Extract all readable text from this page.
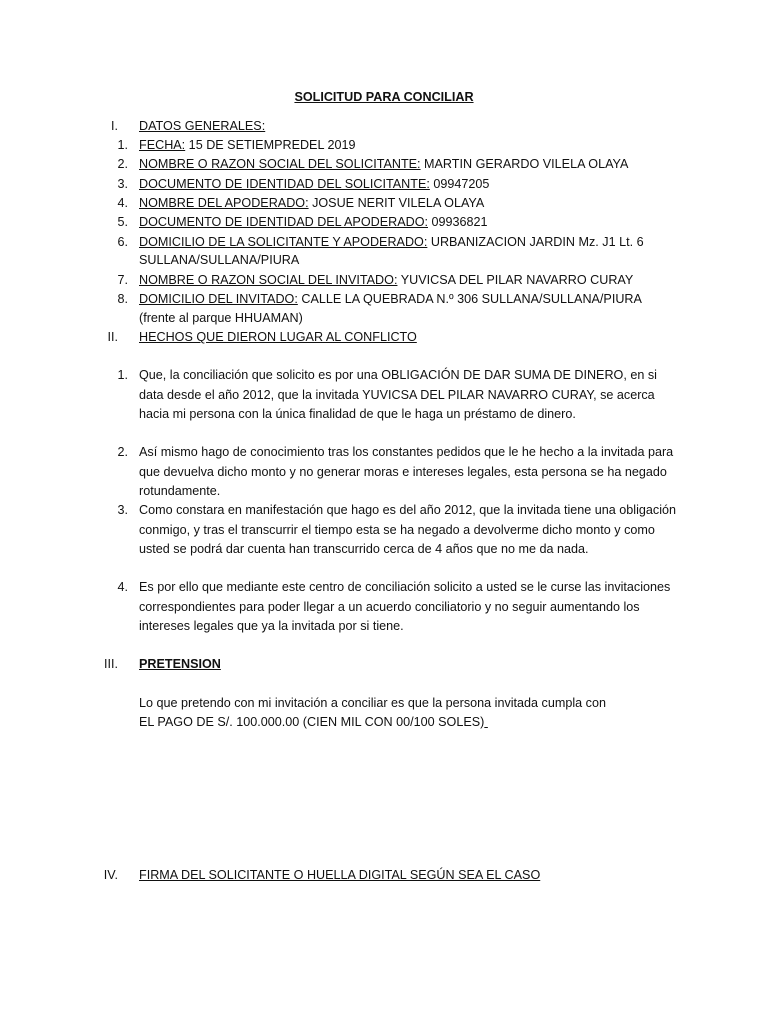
SOLICITUD PARA CONCILIAR
I. DATOS GENERALES:
1. FECHA: 15 DE SETIEMPREDEL 2019
2. NOMBRE O RAZON SOCIAL DEL SOLICITANTE: MARTIN GERARDO VILELA OLAYA
3. DOCUMENTO DE IDENTIDAD DEL SOLICITANTE: 09947205
4. NOMBRE DEL APODERADO: JOSUE NERIT VILELA OLAYA
5. DOCUMENTO DE IDENTIDAD DEL APODERADO: 09936821
6. DOMICILIO DE LA SOLICITANTE Y APODERADO: URBANIZACION JARDIN Mz. J1 Lt. 6
SULLANA/SULLANA/PIURA
7. NOMBRE O RAZON SOCIAL DEL INVITADO: YUVICSA DEL PILAR NAVARRO CURAY
8. DOMICILIO DEL INVITADO: CALLE LA QUEBRADA N.º 306 SULLANA/SULLANA/PIURA
(frente al parque HHUAMAN)
II. HECHOS QUE DIERON LUGAR AL CONFLICTO
1. Que, la conciliación que solicito es por una OBLIGACIÓN DE DAR SUMA DE DINERO, en si data desde el año 2012, que la invitada YUVICSA DEL PILAR NAVARRO CURAY, se acerca hacia mi persona con la única finalidad de que le haga un préstamo de dinero.
2. Así mismo hago de conocimiento tras los constantes pedidos que le he hecho a la invitada para que devuelva dicho monto y no generar moras e intereses legales, esta persona se ha negado rotundamente.
3. Como constara en manifestación que hago es del año 2012, que la invitada tiene una obligación conmigo, y tras el transcurrir el tiempo esta se ha negado a devolverme dicho monto y como usted se podrá dar cuenta han transcurrido cerca de 4 años que no me da nada.
4. Es por ello que mediante este centro de conciliación solicito a usted se le curse las invitaciones correspondientes para poder llegar a un acuerdo conciliatorio y no seguir aumentando los intereses legales que ya la invitada por si tiene.
III. PRETENSION
Lo que pretendo con mi invitación a conciliar es que la persona invitada cumpla con
EL PAGO DE S/. 100.000.00 (CIEN MIL CON 00/100 SOLES)
IV. FIRMA DEL SOLICITANTE O HUELLA DIGITAL SEGÚN SEA EL CASO
